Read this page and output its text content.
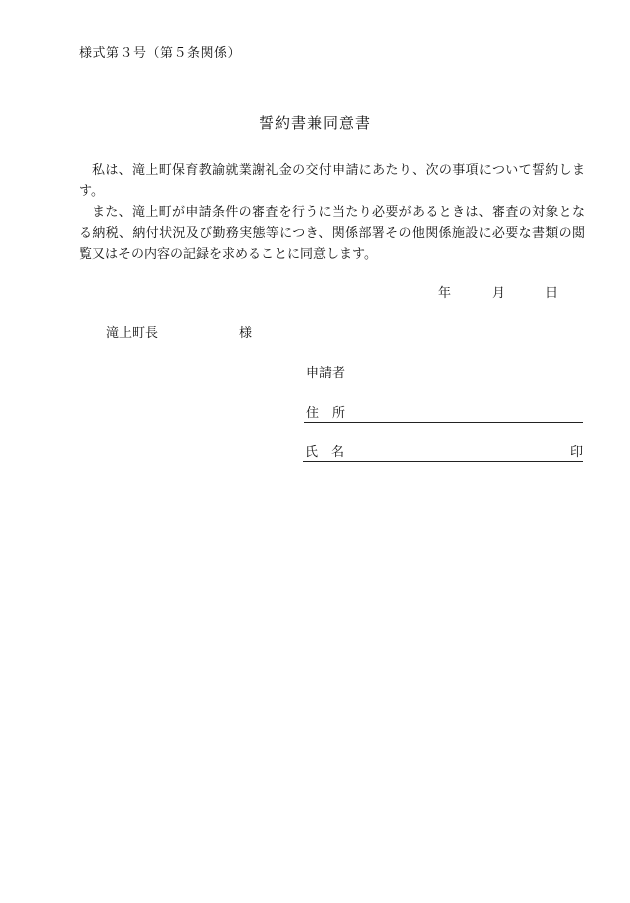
様式第３号（第５条関係）
誓約書兼同意書

私は、滝上町保育教諭就業謝礼金の交付申請にあたり、次の事項について誓約します。

また、滝上町が申請条件の審査を行うに当たり必要があるときは、審査の対象となる納税、納付状況及び勤務実態等につき、関係部署その他関係施設に必要な書類の閲覧又はその内容の記録を求めることに同意します。

年	月	日
滝上町長	様
申請者
住 所
氏 名	印
